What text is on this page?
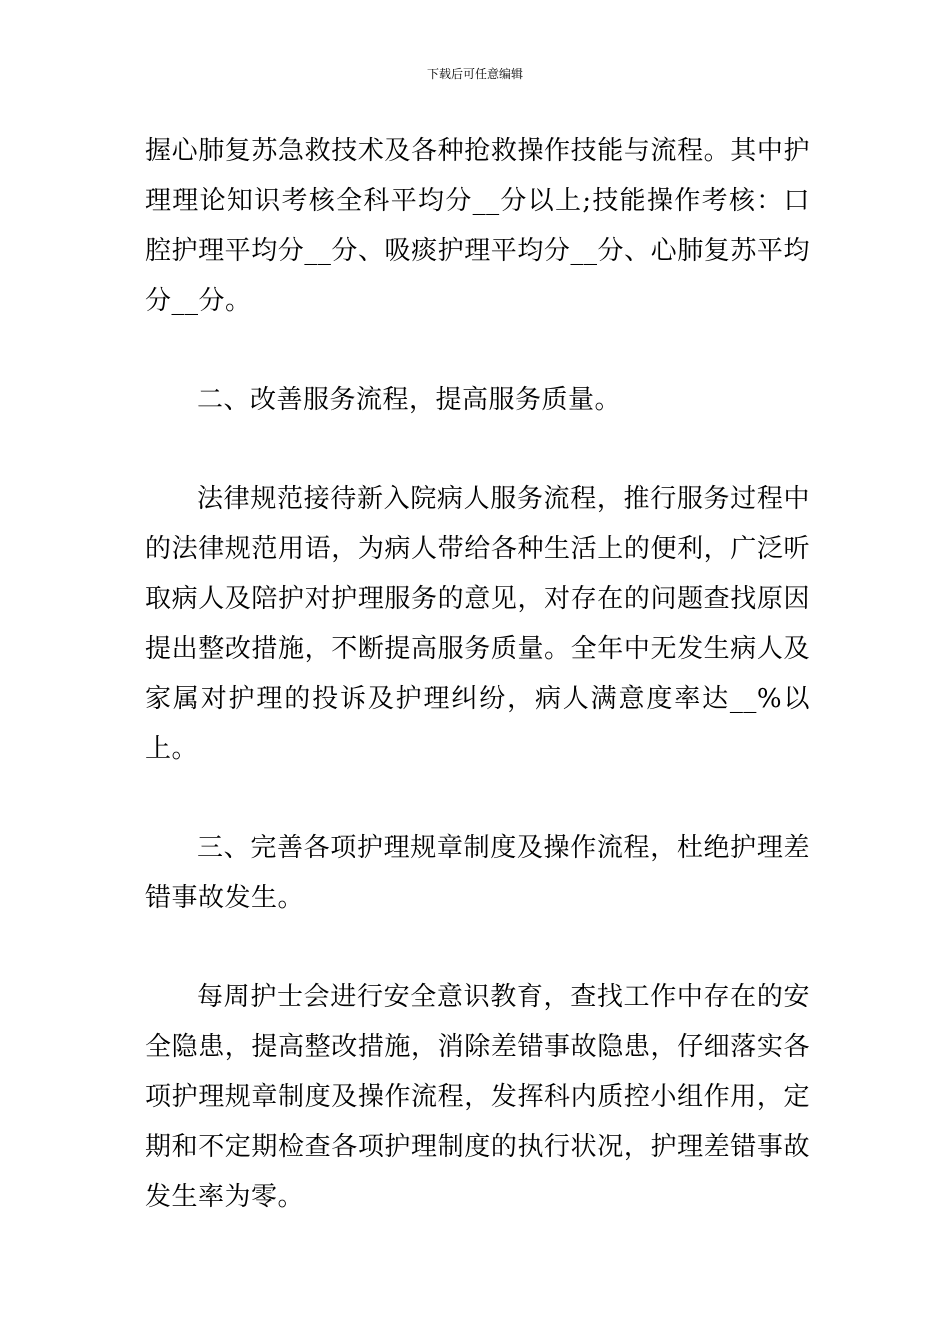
下载后可任意编辑

握心肺复苏急救技术及各种抢救操作技能与流程。其中护理理论知识考核全科平均分__分以上;技能操作考核：口腔护理平均分__分、吸痰护理平均分__分、心肺复苏平均分__分。

二、改善服务流程，提高服务质量。

法律规范接待新入院病人服务流程，推行服务过程中的法律规范用语，为病人带给各种生活上的便利，广泛听取病人及陪护对护理服务的意见，对存在的问题查找原因提出整改措施，不断提高服务质量。全年中无发生病人及家属对护理的投诉及护理纠纷，病人满意度率达__%以上。

三、完善各项护理规章制度及操作流程，杜绝护理差错事故发生。

每周护士会进行安全意识教育，查找工作中存在的安全隐患，提高整改措施，消除差错事故隐患，仔细落实各项护理规章制度及操作流程，发挥科内质控小组作用，定期和不定期检查各项护理制度的执行状况，护理差错事故发生率为零。
